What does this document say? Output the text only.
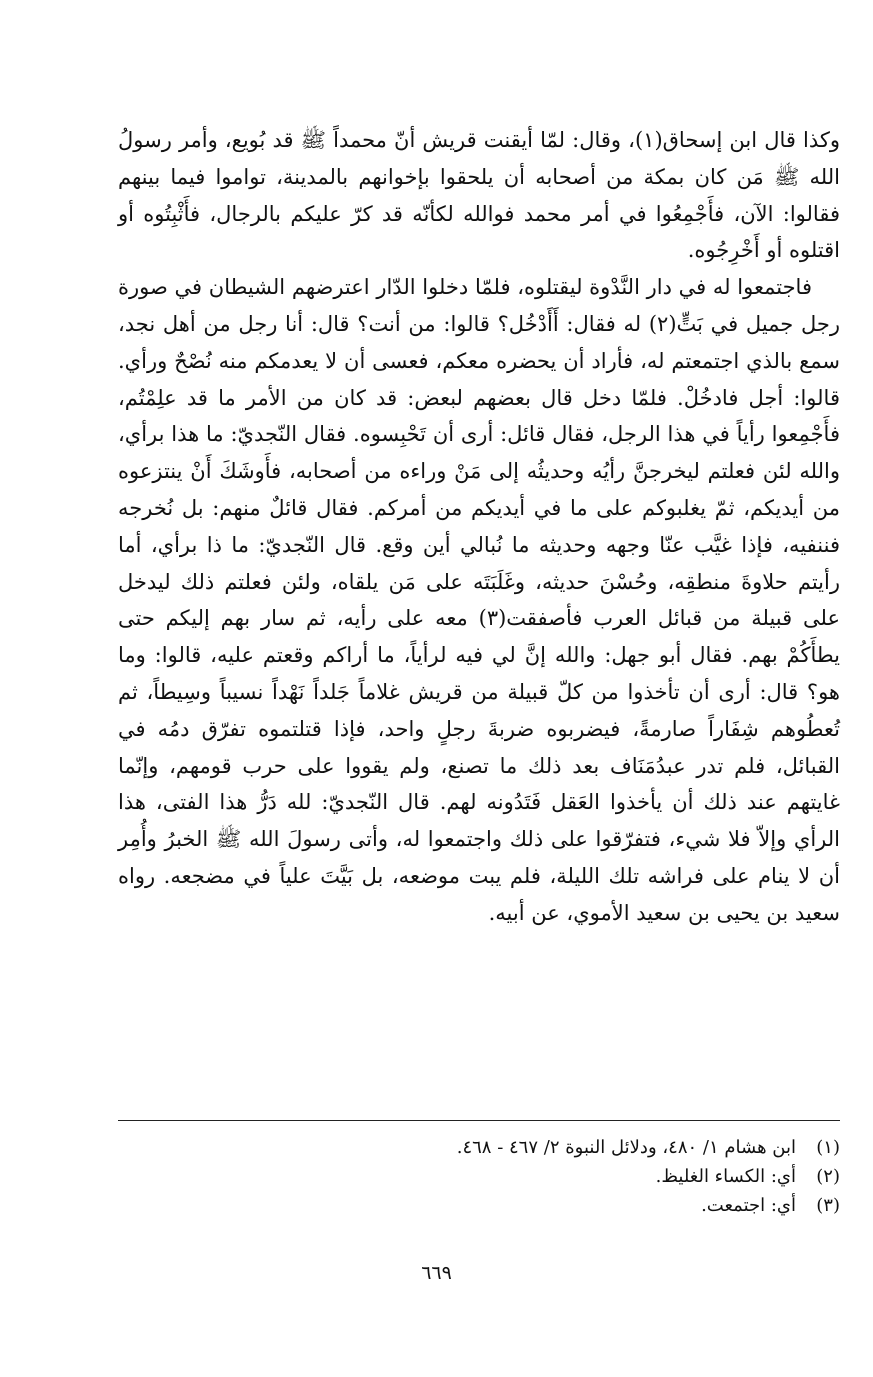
وكذا قال ابن إسحاق(١)، وقال: لمّا أيقنت قريش أنّ محمداً ﷺ قد بُويع، وأمر رسولُ الله ﷺ مَن كان بمكة من أصحابه أن يلحقوا بإخوانهم بالمدينة، تواموا فيما بينهم فقالوا: الآن، فأَجْمِعُوا في أمر محمد فوالله لكأنّه قد كرّ عليكم بالرجال، فأَثْبِتُوه أو اقتلوه أو أَخْرِجُوه.

فاجتمعوا له في دار النَّدْوة ليقتلوه، فلمّا دخلوا الدّار اعترضهم الشيطان في صورة رجل جميل في بَتٍّ(٢) له فقال: أَأَدْخُل؟ قالوا: من أنت؟ قال: أنا رجل من أهل نجد، سمع بالذي اجتمعتم له، فأراد أن يحضره معكم، فعسى أن لا يعدمكم منه نُصْحٌ ورأي. قالوا: أجل فادخُلْ. فلمّا دخل قال بعضهم لبعض: قد كان من الأمر ما قد علِمْتُم، فأَجْمِعوا رأياً في هذا الرجل، فقال قائل: أرى أن تَحْبِسوه. فقال النّجديّ: ما هذا برأي، والله لئن فعلتم ليخرجنَّ رأيُه وحديثُه إلى مَنْ وراءه من أصحابه، فأَوشَكَ أَنْ ينتزعوه من أيديكم، ثمّ يغلبوكم على ما في أيديكم من أمركم. فقال قائلٌ منهم: بل نُخرجه فننفيه، فإذا غيَّب عنّا وجهه وحديثه ما نُبالي أين وقع. قال النّجديّ: ما ذا برأي، أما رأيتم حلاوةَ منطقِه، وحُسْنَ حديثه، وغَلَبَتَه على مَن يلقاه، ولئن فعلتم ذلك ليدخل على قبيلة من قبائل العرب فأصفقت(٣) معه على رأيه، ثم سار بهم إليكم حتى يطأَكُمْ بهم. فقال أبو جهل: والله إنَّ لي فيه لرأياً، ما أراكم وقعتم عليه، قالوا: وما هو؟ قال: أرى أن تأخذوا من كلّ قبيلة من قريش غلاماً جَلداً نَهْداً نسيباً وسِيطاً، ثم تُعطُوهم شِفَاراً صارمةً، فيضربوه ضربةَ رجلٍ واحد، فإذا قتلتموه تفرّق دمُه في القبائل، فلم تدر عبدُمَنَاف بعد ذلك ما تصنع، ولم يقووا على حرب قومهم، وإنّما غايتهم عند ذلك أن يأخذوا العَقل فَتَدُونه لهم. قال النّجديّ: لله دَرُّ هذا الفتى، هذا الرأي وإلاّ فلا شيء، فتفرّقوا على ذلك واجتمعوا له، وأتى رسولَ الله ﷺ الخبرُ وأُمِر أن لا ينام على فراشه تلك الليلة، فلم يبت موضعه، بل بَيَّتَ علياً في مضجعه. رواه سعيد بن يحيى بن سعيد الأموي، عن أبيه.

(١)
ابن هشام ١/ ٤٨٠، ودلائل النبوة ٢/ ٤٦٧ - ٤٦٨.
(٢)
أي: الكساء الغليظ.
(٣)
أي: اجتمعت.
٦٦٩
